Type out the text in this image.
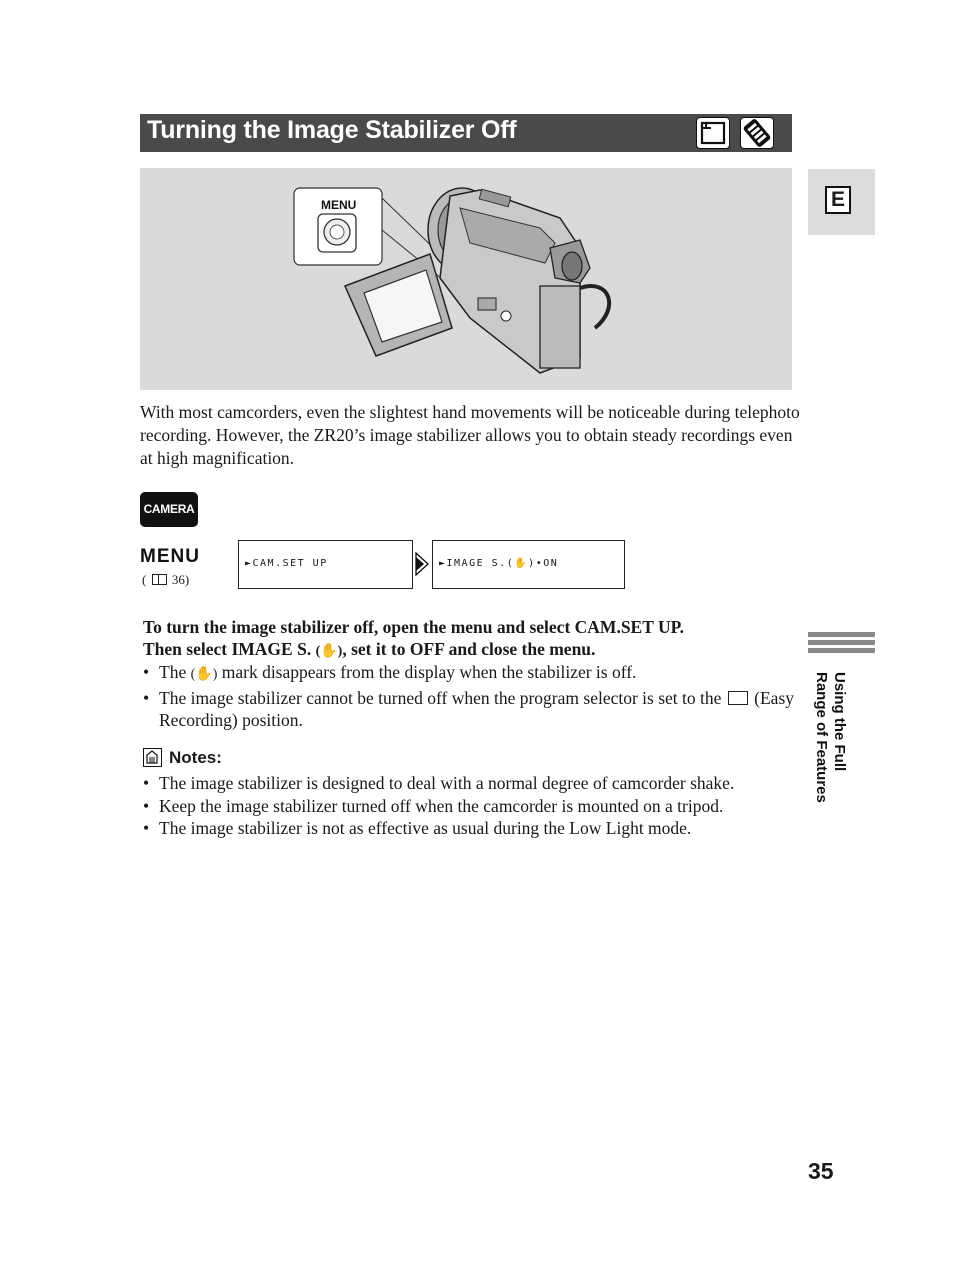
Turning the Image Stabilizer Off
E
MENU

With most camcorders, even the slightest hand movements will be noticeable during telephoto recording. However, the ZR20’s image stabilizer allows you to obtain steady recordings even at high magnification.

CAMERA
MENU
( 36)
►CAM.SET UP	►IMAGE S.(✋)•ON
To turn the image stabilizer off, open the menu and select CAM.SET UP.
Then select IMAGE S. (✋), set it to OFF and close the menu.
• The (✋) mark disappears from the display when the stabilizer is off.
• The image stabilizer cannot be turned off when the program selector is set to the  (Easy Recording) position.
Notes:
• The image stabilizer is designed to deal with a normal degree of camcorder shake.
• Keep the image stabilizer turned off when the camcorder is mounted on a tripod.
• The image stabilizer is not as effective as usual during the Low Light mode.
Using the Full
Range of Features
35
